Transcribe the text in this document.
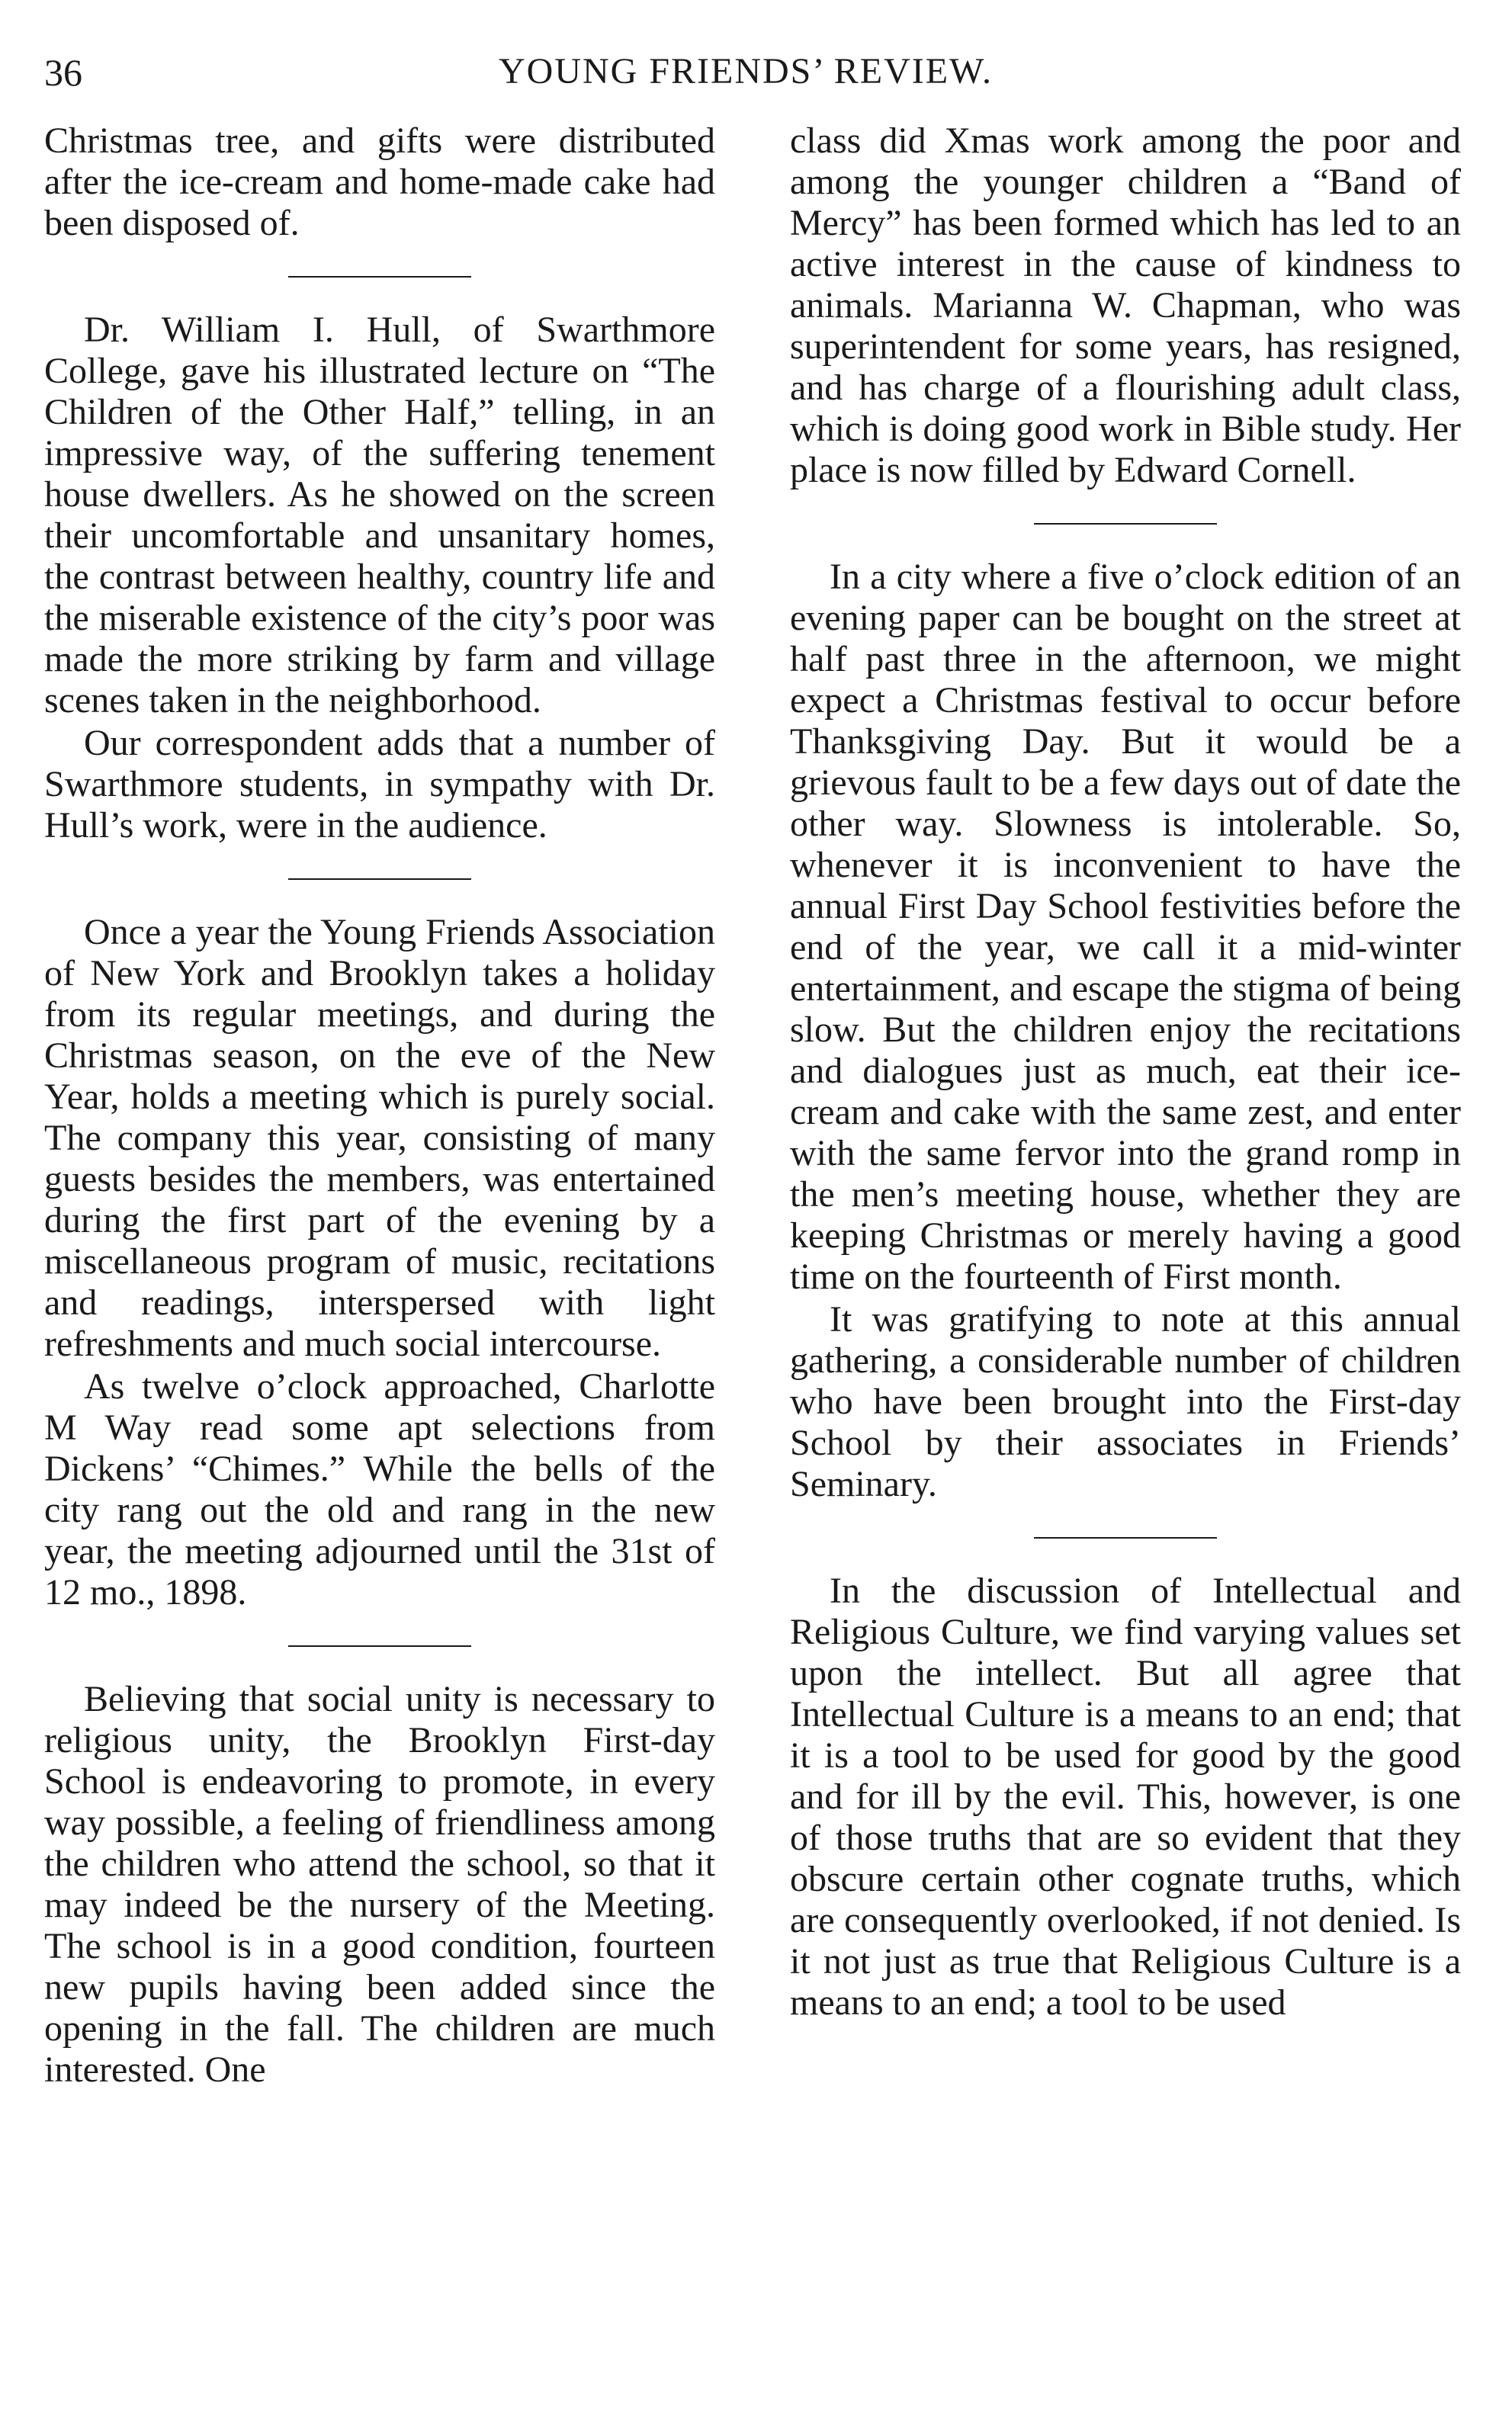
36	YOUNG FRIENDS’ REVIEW.

Christmas tree, and gifts were distributed after the ice-cream and home-made cake had been disposed of.

Dr. William I. Hull, of Swarthmore College, gave his illustrated lecture on “The Children of the Other Half,” telling, in an impressive way, of the suffering tenement house dwellers. As he showed on the screen their uncomfortable and unsanitary homes, the contrast between healthy, country life and the miserable existence of the city’s poor was made the more striking by farm and village scenes taken in the neighborhood.

Our correspondent adds that a number of Swarthmore students, in sympathy with Dr. Hull’s work, were in the audience.

Once a year the Young Friends Association of New York and Brooklyn takes a holiday from its regular meetings, and during the Christmas season, on the eve of the New Year, holds a meeting which is purely social. The company this year, consisting of many guests besides the members, was entertained during the first part of the evening by a miscellaneous program of music, recitations and readings, interspersed with light refreshments and much social intercourse.

As twelve o’clock approached, Charlotte M Way read some apt selections from Dickens’ “Chimes.” While the bells of the city rang out the old and rang in the new year, the meeting adjourned until the 31st of 12 mo., 1898.

Believing that social unity is necessary to religious unity, the Brooklyn First-day School is endeavoring to promote, in every way possible, a feeling of friendliness among the children who attend the school, so that it may indeed be the nursery of the Meeting. The school is in a good condition, fourteen new pupils having been added since the opening in the fall. The children are much interested. One

class did Xmas work among the poor and among the younger children a “Band of Mercy” has been formed which has led to an active interest in the cause of kindness to animals. Marianna W. Chapman, who was superintendent for some years, has resigned, and has charge of a flourishing adult class, which is doing good work in Bible study. Her place is now filled by Edward Cornell.

In a city where a five o’clock edition of an evening paper can be bought on the street at half past three in the afternoon, we might expect a Christmas festival to occur before Thanksgiving Day. But it would be a grievous fault to be a few days out of date the other way. Slowness is intolerable. So, whenever it is inconvenient to have the annual First Day School festivities before the end of the year, we call it a mid-winter entertainment, and escape the stigma of being slow. But the children enjoy the recitations and dialogues just as much, eat their ice-cream and cake with the same zest, and enter with the same fervor into the grand romp in the men’s meeting house, whether they are keeping Christmas or merely having a good time on the fourteenth of First month.

It was gratifying to note at this annual gathering, a considerable number of children who have been brought into the First-day School by their associates in Friends’ Seminary.

In the discussion of Intellectual and Religious Culture, we find varying values set upon the intellect. But all agree that Intellectual Culture is a means to an end; that it is a tool to be used for good by the good and for ill by the evil. This, however, is one of those truths that are so evident that they obscure certain other cognate truths, which are consequently overlooked, if not denied. Is it not just as true that Religious Culture is a means to an end; a tool to be used
